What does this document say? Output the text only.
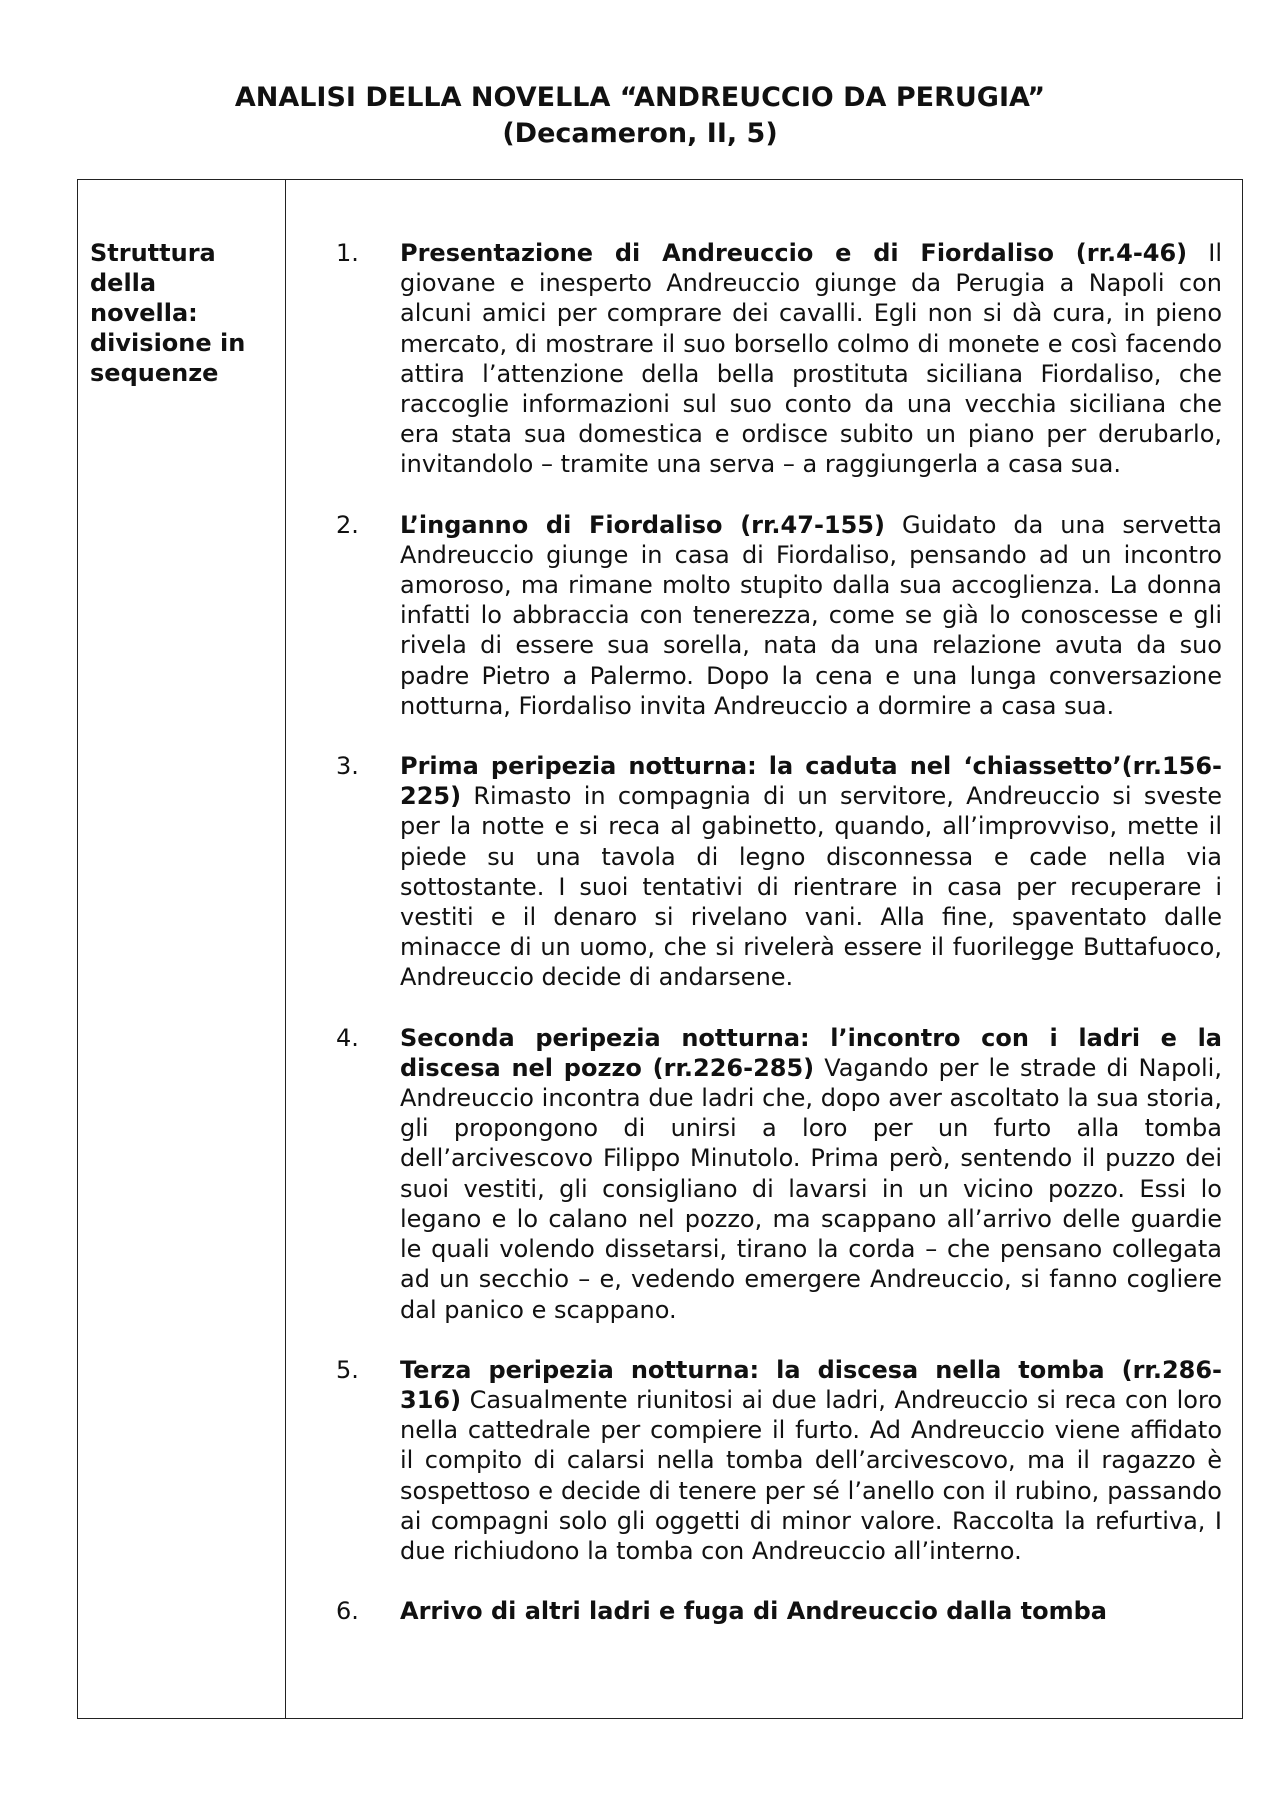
ANALISI DELLA NOVELLA “ANDREUCCIO DA PERUGIA”
(Decameron, II, 5)
Struttura della novella: divisione in sequenze
1. Presentazione di Andreuccio e di Fiordaliso (rr.4-46) Il giovane e inesperto Andreuccio giunge da Perugia a Napoli con alcuni amici per comprare dei cavalli. Egli non si dà cura, in pieno mercato, di mostrare il suo borsello colmo di monete e così facendo attira l’attenzione della bella prostituta siciliana Fiordaliso, che raccoglie informazioni sul suo conto da una vecchia siciliana che era stata sua domestica e ordisce subito un piano per derubarlo, invitandolo – tramite una serva – a raggiungerla a casa sua.
2. L’inganno di Fiordaliso (rr.47-155) Guidato da una servetta Andreuccio giunge in casa di Fiordaliso, pensando ad un incontro amoroso, ma rimane molto stupito dalla sua accoglienza. La donna infatti lo abbraccia con tenerezza, come se già lo conoscesse e gli rivela di essere sua sorella, nata da una relazione avuta da suo padre Pietro a Palermo. Dopo la cena e una lunga conversazione notturna, Fiordaliso invita Andreuccio a dormire a casa sua.
3. Prima peripezia notturna: la caduta nel ‘chiassetto’(rr.156-225) Rimasto in compagnia di un servitore, Andreuccio si sveste per la notte e si reca al gabinetto, quando, all’improvviso, mette il piede su una tavola di legno disconnessa e cade nella via sottostante. I suoi tentativi di rientrare in casa per recuperare i vestiti e il denaro si rivelano vani. Alla fine, spaventato dalle minacce di un uomo, che si rivelerà essere il fuorilegge Buttafuoco, Andreuccio decide di andarsene.
4. Seconda peripezia notturna: l’incontro con i ladri e la discesa nel pozzo (rr.226-285) Vagando per le strade di Napoli, Andreuccio incontra due ladri che, dopo aver ascoltato la sua storia, gli propongono di unirsi a loro per un furto alla tomba dell’arcivescovo Filippo Minutolo. Prima però, sentendo il puzzo dei suoi vestiti, gli consigliano di lavarsi in un vicino pozzo. Essi lo legano e lo calano nel pozzo, ma scappano all’arrivo delle guardie le quali volendo dissetarsi, tirano la corda – che pensano collegata ad un secchio – e, vedendo emergere Andreuccio, si fanno cogliere dal panico e scappano.
5. Terza peripezia notturna: la discesa nella tomba (rr.286-316) Casualmente riunitosi ai due ladri, Andreuccio si reca con loro nella cattedrale per compiere il furto. Ad Andreuccio viene affidato il compito di calarsi nella tomba dell’arcivescovo, ma il ragazzo è sospettoso e decide di tenere per sé l’anello con il rubino, passando ai compagni solo gli oggetti di minor valore. Raccolta la refurtiva, I due richiudono la tomba con Andreuccio all’interno.
6. Arrivo di altri ladri e fuga di Andreuccio dalla tomba
